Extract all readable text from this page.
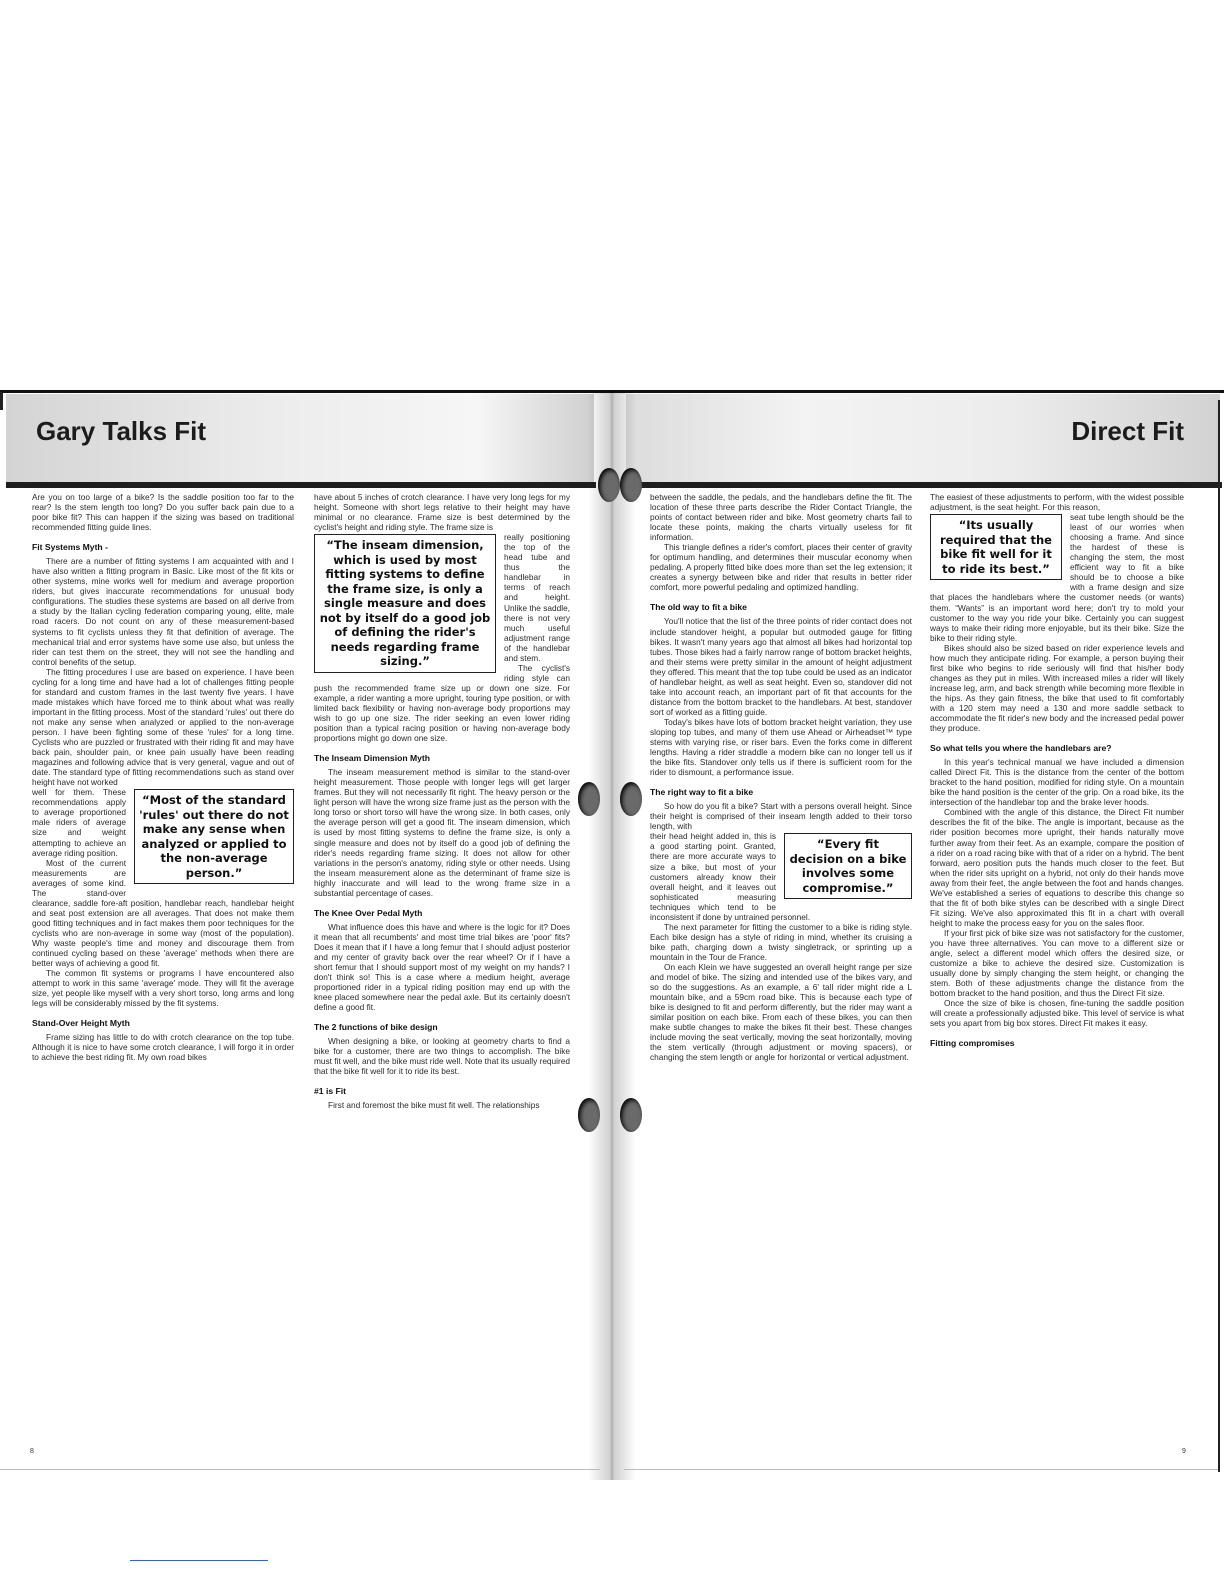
Gary Talks Fit	Direct Fit

Are you on too large of a bike? Is the saddle position too far to the rear? Is the stem length too long? Do you suffer back pain due to a poor bike fit? This can happen if the sizing was based on traditional recommended fitting guide lines.

Fit Systems Myth -

There are a number of fitting systems I am acquainted with and I have also written a fitting program in Basic. Like most of the fit kits or other systems, mine works well for medium and average proportion riders, but gives inaccurate recommendations for unusual body configurations. The studies these systems are based on all derive from a study by the Italian cycling federation comparing young, elite, male road racers. Do not count on any of these measurement-based systems to fit cyclists unless they fit that definition of average. The mechanical trial and error systems have some use also, but unless the rider can test them on the street, they will not see the handling and control benefits of the setup.

The fitting procedures I use are based on experience. I have been cycling for a long time and have had a lot of challenges fitting people for standard and custom frames in the last twenty five years. I have made mistakes which have forced me to think about what was really important in the fitting process. Most of the standard 'rules' out there do not make any sense when analyzed or applied to the non-average person. I have been fighting some of these 'rules' for a long time. Cyclists who are puzzled or frustrated with their riding fit and may have back pain, shoulder pain, or knee pain usually have been reading magazines and following advice that is very general, vague and out of date. The standard type of fitting recommendations such as stand over height have not worked

“Most of the standard 'rules' out there do not make any sense when analyzed or applied to the non-average person.”

well for them. These recommendations apply to average proportioned male riders of average size and weight attempting to achieve an average riding position.

Most of the current measurements are averages of some kind. The stand-over clearance, saddle fore-aft position, handlebar reach, handlebar height and seat post extension are all averages. That does not make them good fitting techniques and in fact makes them poor techniques for the cyclists who are non-average in some way (most of the population). Why waste people's time and money and discourage them from continued cycling based on these 'average' methods when there are better ways of achieving a good fit.

The common fit systems or programs I have encountered also attempt to work in this same 'average' mode. They will fit the average size, yet people like myself with a very short torso, long arms and long legs will be considerably missed by the fit systems.

Stand-Over Height Myth

Frame sizing has little to do with crotch clearance on the top tube. Although it is nice to have some crotch clearance, I will forgo it in order to achieve the best riding fit. My own road bikes

have about 5 inches of crotch clearance. I have very long legs for my height. Someone with short legs relative to their height may have minimal or no clearance. Frame size is best determined by the cyclist's height and riding style. The frame size is

“The inseam dimension, which is used by most fitting systems to define the frame size, is only a single measure and does not by itself do a good job of defining the rider's needs regarding frame sizing.”

really positioning the top of the head tube and thus the handlebar in terms of reach and height. Unlike the saddle, there is not very much useful adjustment range of the handlebar and stem.

The cyclist's riding style can push the recommended frame size up or down one size. For example, a rider wanting a more upright, touring type position, or with limited back flexibility or having non-average body proportions may wish to go up one size. The rider seeking an even lower riding position than a typical racing position or having non-average body proportions might go down one size.

The Inseam Dimension Myth

The inseam measurement method is similar to the stand-over height measurement. Those people with longer legs will get larger frames. But they will not necessarily fit right. The heavy person or the light person will have the wrong size frame just as the person with the long torso or short torso will have the wrong size. In both cases, only the average person will get a good fit. The inseam dimension, which is used by most fitting systems to define the frame size, is only a single measure and does not by itself do a good job of defining the rider's needs regarding frame sizing. It does not allow for other variations in the person's anatomy, riding style or other needs. Using the inseam measurement alone as the determinant of frame size is highly inaccurate and will lead to the wrong frame size in a substantial percentage of cases.

The Knee Over Pedal Myth

What influence does this have and where is the logic for it? Does it mean that all recumbents' and most time trial bikes are 'poor' fits? Does it mean that if I have a long femur that I should adjust posterior and my center of gravity back over the rear wheel? Or if I have a short femur that I should support most of my weight on my hands? I don't think so! This is a case where a medium height, average proportioned rider in a typical riding position may end up with the knee placed somewhere near the pedal axle. But its certainly doesn't define a good fit.

The 2 functions of bike design

When designing a bike, or looking at geometry charts to find a bike for a customer, there are two things to accomplish. The bike must fit well, and the bike must ride well. Note that its usually required that the bike fit well for it to ride its best.

#1 is Fit

First and foremost the bike must fit well. The relationships

between the saddle, the pedals, and the handlebars define the fit. The location of these three parts describe the Rider Contact Triangle, the points of contact between rider and bike. Most geometry charts fail to locate these points, making the charts virtually useless for fit information.

This triangle defines a rider's comfort, places their center of gravity for optimum handling, and determines their muscular economy when pedaling. A properly fitted bike does more than set the leg extension; it creates a synergy between bike and rider that results in better rider comfort, more powerful pedaling and optimized handling.

The old way to fit a bike

You'll notice that the list of the three points of rider contact does not include standover height, a popular but outmoded gauge for fitting bikes. It wasn't many years ago that almost all bikes had horizontal top tubes. Those bikes had a fairly narrow range of bottom bracket heights, and their stems were pretty similar in the amount of height adjustment they offered. This meant that the top tube could be used as an indicator of handlebar height, as well as seat height. Even so, standover did not take into account reach, an important part of fit that accounts for the distance from the bottom bracket to the handlebars. At best, standover sort of worked as a fitting guide.

Today's bikes have lots of bottom bracket height variation, they use sloping top tubes, and many of them use Ahead or Airheadset™ type stems with varying rise, or riser bars. Even the forks come in different lengths. Having a rider straddle a modern bike can no longer tell us if the bike fits. Standover only tells us if there is sufficient room for the rider to dismount, a performance issue.

The right way to fit a bike

So how do you fit a bike? Start with a persons overall height. Since their height is comprised of their inseam length added to their torso length, with

“Every fit decision on a bike involves some compromise.”

their head height added in, this is a good starting point. Granted, there are more accurate ways to size a bike, but most of your customers already know their overall height, and it leaves out sophisticated measuring techniques which tend to be inconsistent if done by untrained personnel.

The next parameter for fitting the customer to a bike is riding style. Each bike design has a style of riding in mind, whether its cruising a bike path, charging down a twisty singletrack, or sprinting up a mountain in the Tour de France.

On each Klein we have suggested an overall height range per size and model of bike. The sizing and intended use of the bikes vary, and so do the suggestions. As an example, a 6' tall rider might ride a L mountain bike, and a 59cm road bike. This is because each type of bike is designed to fit and perform differently, but the rider may want a similar position on each bike. From each of these bikes, you can then make subtle changes to make the bikes fit their best. These changes include moving the seat vertically, moving the seat horizontally, moving the stem vertically (through adjustment or moving spacers), or changing the stem length or angle for horizontal or vertical adjustment.

The easiest of these adjustments to perform, with the widest possible adjustment, is the seat height. For this reason,

“Its usually required that the bike fit well for it to ride its best.”

seat tube length should be the least of our worries when choosing a frame. And since the hardest of these is changing the stem, the most efficient way to fit a bike should be to choose a bike with a frame design and size that places the handlebars where the customer needs (or wants) them. “Wants” is an important word here; don't try to mold your customer to the way you ride your bike. Certainly you can suggest ways to make their riding more enjoyable, but its their bike. Size the bike to their riding style.

Bikes should also be sized based on rider experience levels and how much they anticipate riding. For example, a person buying their first bike who begins to ride seriously will find that his/her body changes as they put in miles. With increased miles a rider will likely increase leg, arm, and back strength while becoming more flexible in the hips. As they gain fitness, the bike that used to fit comfortably with a 120 stem may need a 130 and more saddle setback to accommodate the fit rider's new body and the increased pedal power they produce.

So what tells you where the handlebars are?

In this year's technical manual we have included a dimension called Direct Fit. This is the distance from the center of the bottom bracket to the hand position, modified for riding style. On a mountain bike the hand position is the center of the grip. On a road bike, its the intersection of the handlebar top and the brake lever hoods.

Combined with the angle of this distance, the Direct Fit number describes the fit of the bike. The angle is important, because as the rider position becomes more upright, their hands naturally move further away from their feet. As an example, compare the position of a rider on a road racing bike with that of a rider on a hybrid. The bent forward, aero position puts the hands much closer to the feet. But when the rider sits upright on a hybrid, not only do their hands move away from their feet, the angle between the foot and hands changes. We've established a series of equations to describe this change so that the fit of both bike styles can be described with a single Direct Fit sizing. We've also approximated this fit in a chart with overall height to make the process easy for you on the sales floor.

If your first pick of bike size was not satisfactory for the customer, you have three alternatives. You can move to a different size or angle, select a different model which offers the desired size, or customize a bike to achieve the desired size. Customization is usually done by simply changing the stem height, or changing the stem. Both of these adjustments change the distance from the bottom bracket to the hand position, and thus the Direct Fit size.

Once the size of bike is chosen, fine-tuning the saddle position will create a professionally adjusted bike. This level of service is what sets you apart from big box stores. Direct Fit makes it easy.

Fitting compromises
8	9
